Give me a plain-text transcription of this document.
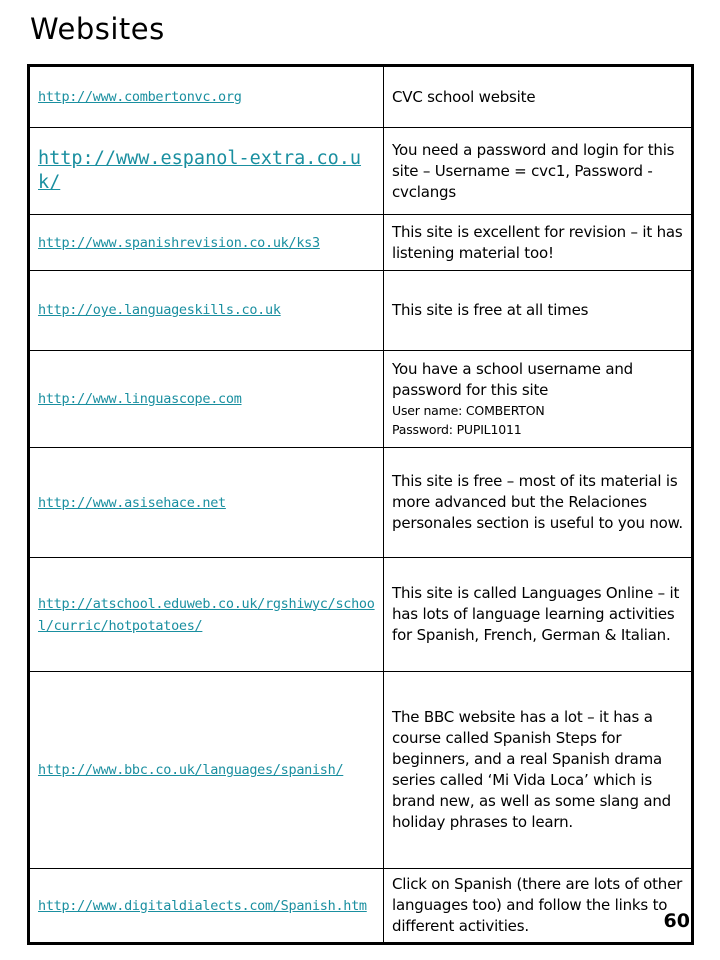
Websites
http://www.combertonvc.org	CVC school website

http://www.espanol-extra.co.uk/	You need a password and login for this site – Username = cvc1, Password - cvclangs

http://www.spanishrevision.co.uk/ks3	This site is excellent for revision – it has listening material too!

http://oye.languageskills.co.uk	This site is free at all times

http://www.linguascope.com	You have a school username and password for this site
User name: COMBERTON
Password: PUPIL1011

http://www.asisehace.net	This site is free – most of its material is more advanced but the Relaciones personales section is useful to you now.

http://atschool.eduweb.co.uk/rgshiwyc/school/curric/hotpotatoes/	This site is called Languages Online – it has lots of language learning activities for Spanish, French, German & Italian.

http://www.bbc.co.uk/languages/spanish/	The BBC website has a lot – it has a course called Spanish Steps for beginners, and a real Spanish drama series called ‘Mi Vida Loca’ which is brand new, as well as some slang and holiday phrases to learn.

http://www.digitaldialects.com/Spanish.htm	Click on Spanish (there are lots of other languages too) and follow the links to different activities.	60
